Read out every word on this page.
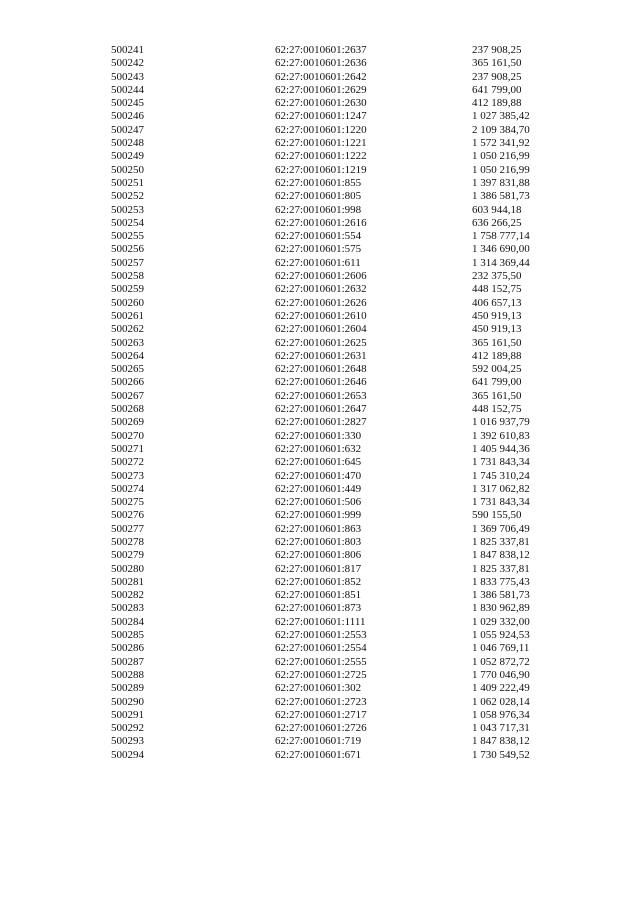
500241	62:27:0010601:2637	237 908,25
500242	62:27:0010601:2636	365 161,50
500243	62:27:0010601:2642	237 908,25
500244	62:27:0010601:2629	641 799,00
500245	62:27:0010601:2630	412 189,88
500246	62:27:0010601:1247	1 027 385,42
500247	62:27:0010601:1220	2 109 384,70
500248	62:27:0010601:1221	1 572 341,92
500249	62:27:0010601:1222	1 050 216,99
500250	62:27:0010601:1219	1 050 216,99
500251	62:27:0010601:855	1 397 831,88
500252	62:27:0010601:805	1 386 581,73
500253	62:27:0010601:998	603 944,18
500254	62:27:0010601:2616	636 266,25
500255	62:27:0010601:554	1 758 777,14
500256	62:27:0010601:575	1 346 690,00
500257	62:27:0010601:611	1 314 369,44
500258	62:27:0010601:2606	232 375,50
500259	62:27:0010601:2632	448 152,75
500260	62:27:0010601:2626	406 657,13
500261	62:27:0010601:2610	450 919,13
500262	62:27:0010601:2604	450 919,13
500263	62:27:0010601:2625	365 161,50
500264	62:27:0010601:2631	412 189,88
500265	62:27:0010601:2648	592 004,25
500266	62:27:0010601:2646	641 799,00
500267	62:27:0010601:2653	365 161,50
500268	62:27:0010601:2647	448 152,75
500269	62:27:0010601:2827	1 016 937,79
500270	62:27:0010601:330	1 392 610,83
500271	62:27:0010601:632	1 405 944,36
500272	62:27:0010601:645	1 731 843,34
500273	62:27:0010601:470	1 745 310,24
500274	62:27:0010601:449	1 317 062,82
500275	62:27:0010601:506	1 731 843,34
500276	62:27:0010601:999	590 155,50
500277	62:27:0010601:863	1 369 706,49
500278	62:27:0010601:803	1 825 337,81
500279	62:27:0010601:806	1 847 838,12
500280	62:27:0010601:817	1 825 337,81
500281	62:27:0010601:852	1 833 775,43
500282	62:27:0010601:851	1 386 581,73
500283	62:27:0010601:873	1 830 962,89
500284	62:27:0010601:1111	1 029 332,00
500285	62:27:0010601:2553	1 055 924,53
500286	62:27:0010601:2554	1 046 769,11
500287	62:27:0010601:2555	1 052 872,72
500288	62:27:0010601:2725	1 770 046,90
500289	62:27:0010601:302	1 409 222,49
500290	62:27:0010601:2723	1 062 028,14
500291	62:27:0010601:2717	1 058 976,34
500292	62:27:0010601:2726	1 043 717,31
500293	62:27:0010601:719	1 847 838,12
500294	62:27:0010601:671	1 730 549,52
